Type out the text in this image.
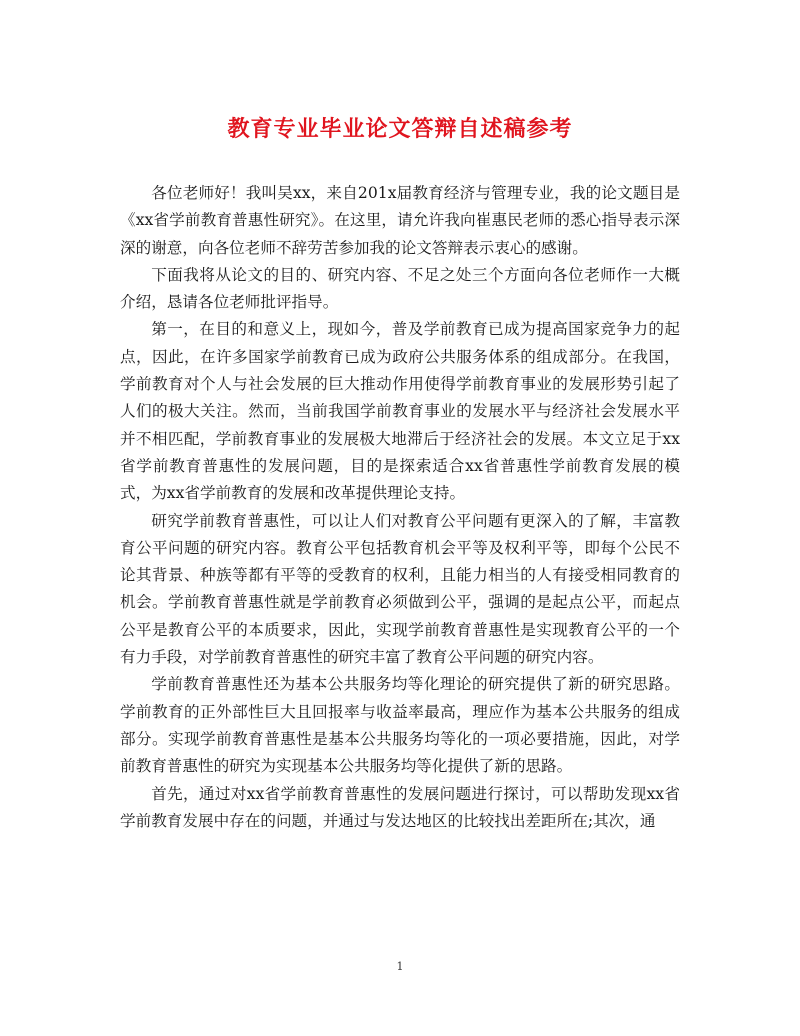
教育专业毕业论文答辩自述稿参考

各位老师好！我叫吴xx，来自201x届教育经济与管理专业，我的论文题目是《xx省学前教育普惠性研究》。在这里，请允许我向崔惠民老师的悉心指导表示深深的谢意，向各位老师不辞劳苦参加我的论文答辩表示衷心的感谢。

下面我将从论文的目的、研究内容、不足之处三个方面向各位老师作一大概介绍，恳请各位老师批评指导。

第一，在目的和意义上，现如今，普及学前教育已成为提高国家竞争力的起点，因此，在许多国家学前教育已成为政府公共服务体系的组成部分。在我国，学前教育对个人与社会发展的巨大推动作用使得学前教育事业的发展形势引起了人们的极大关注。然而，当前我国学前教育事业的发展水平与经济社会发展水平并不相匹配，学前教育事业的发展极大地滞后于经济社会的发展。本文立足于xx省学前教育普惠性的发展问题，目的是探索适合xx省普惠性学前教育发展的模式，为xx省学前教育的发展和改革提供理论支持。

研究学前教育普惠性，可以让人们对教育公平问题有更深入的了解，丰富教育公平问题的研究内容。教育公平包括教育机会平等及权利平等，即每个公民不论其背景、种族等都有平等的受教育的权利，且能力相当的人有接受相同教育的机会。学前教育普惠性就是学前教育必须做到公平，强调的是起点公平，而起点公平是教育公平的本质要求，因此，实现学前教育普惠性是实现教育公平的一个有力手段，对学前教育普惠性的研究丰富了教育公平问题的研究内容。

学前教育普惠性还为基本公共服务均等化理论的研究提供了新的研究思路。学前教育的正外部性巨大且回报率与收益率最高，理应作为基本公共服务的组成部分。实现学前教育普惠性是基本公共服务均等化的一项必要措施，因此，对学前教育普惠性的研究为实现基本公共服务均等化提供了新的思路。

首先，通过对xx省学前教育普惠性的发展问题进行探讨，可以帮助发现xx省学前教育发展中存在的问题，并通过与发达地区的比较找出差距所在;其次，通

1
